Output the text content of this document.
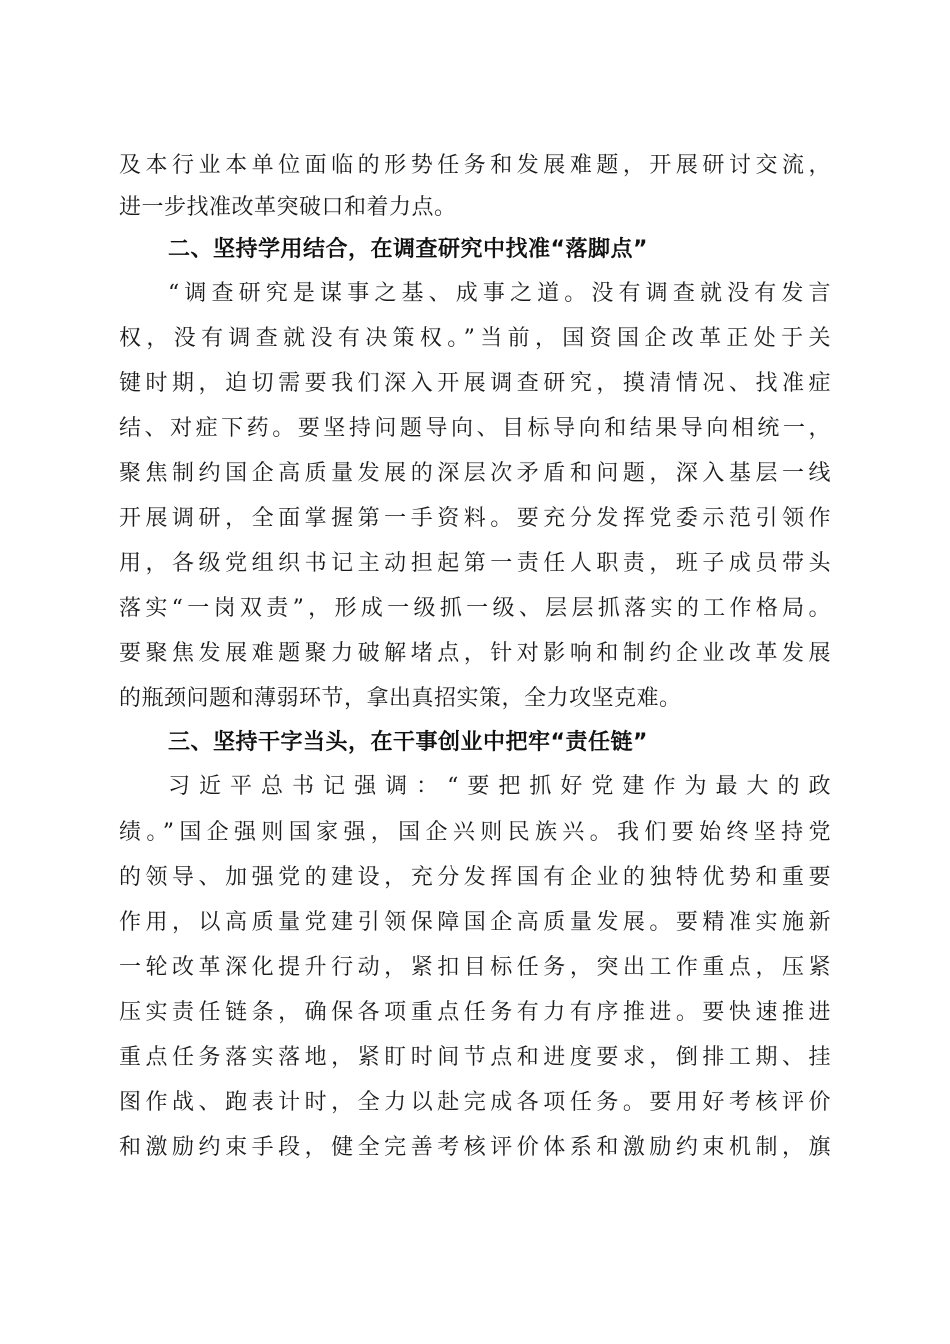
及本行业本单位面临的形势任务和发展难题，开展研讨交流，
进一步找准改革突破口和着力点。
二、坚持学用结合，在调查研究中找准“落脚点”
“调查研究是谋事之基、成事之道。没有调查就没有发言
权，没有调查就没有决策权。”当前，国资国企改革正处于关
键时期，迫切需要我们深入开展调查研究，摸清情况、找准症
结、对症下药。要坚持问题导向、目标导向和结果导向相统一，
聚焦制约国企高质量发展的深层次矛盾和问题，深入基层一线
开展调研，全面掌握第一手资料。要充分发挥党委示范引领作
用，各级党组织书记主动担起第一责任人职责，班子成员带头
落实“一岗双责”，形成一级抓一级、层层抓落实的工作格局。
要聚焦发展难题聚力破解堵点，针对影响和制约企业改革发展
的瓶颈问题和薄弱环节，拿出真招实策，全力攻坚克难。
三、坚持干字当头，在干事创业中把牢“责任链”
习近平总书记强调：“要把抓好党建作为最大的政
绩。”国企强则国家强，国企兴则民族兴。我们要始终坚持党
的领导、加强党的建设，充分发挥国有企业的独特优势和重要
作用，以高质量党建引领保障国企高质量发展。要精准实施新
一轮改革深化提升行动，紧扣目标任务，突出工作重点，压紧
压实责任链条，确保各项重点任务有力有序推进。要快速推进
重点任务落实落地，紧盯时间节点和进度要求，倒排工期、挂
图作战、跑表计时，全力以赴完成各项任务。要用好考核评价
和激励约束手段，健全完善考核评价体系和激励约束机制，旗
